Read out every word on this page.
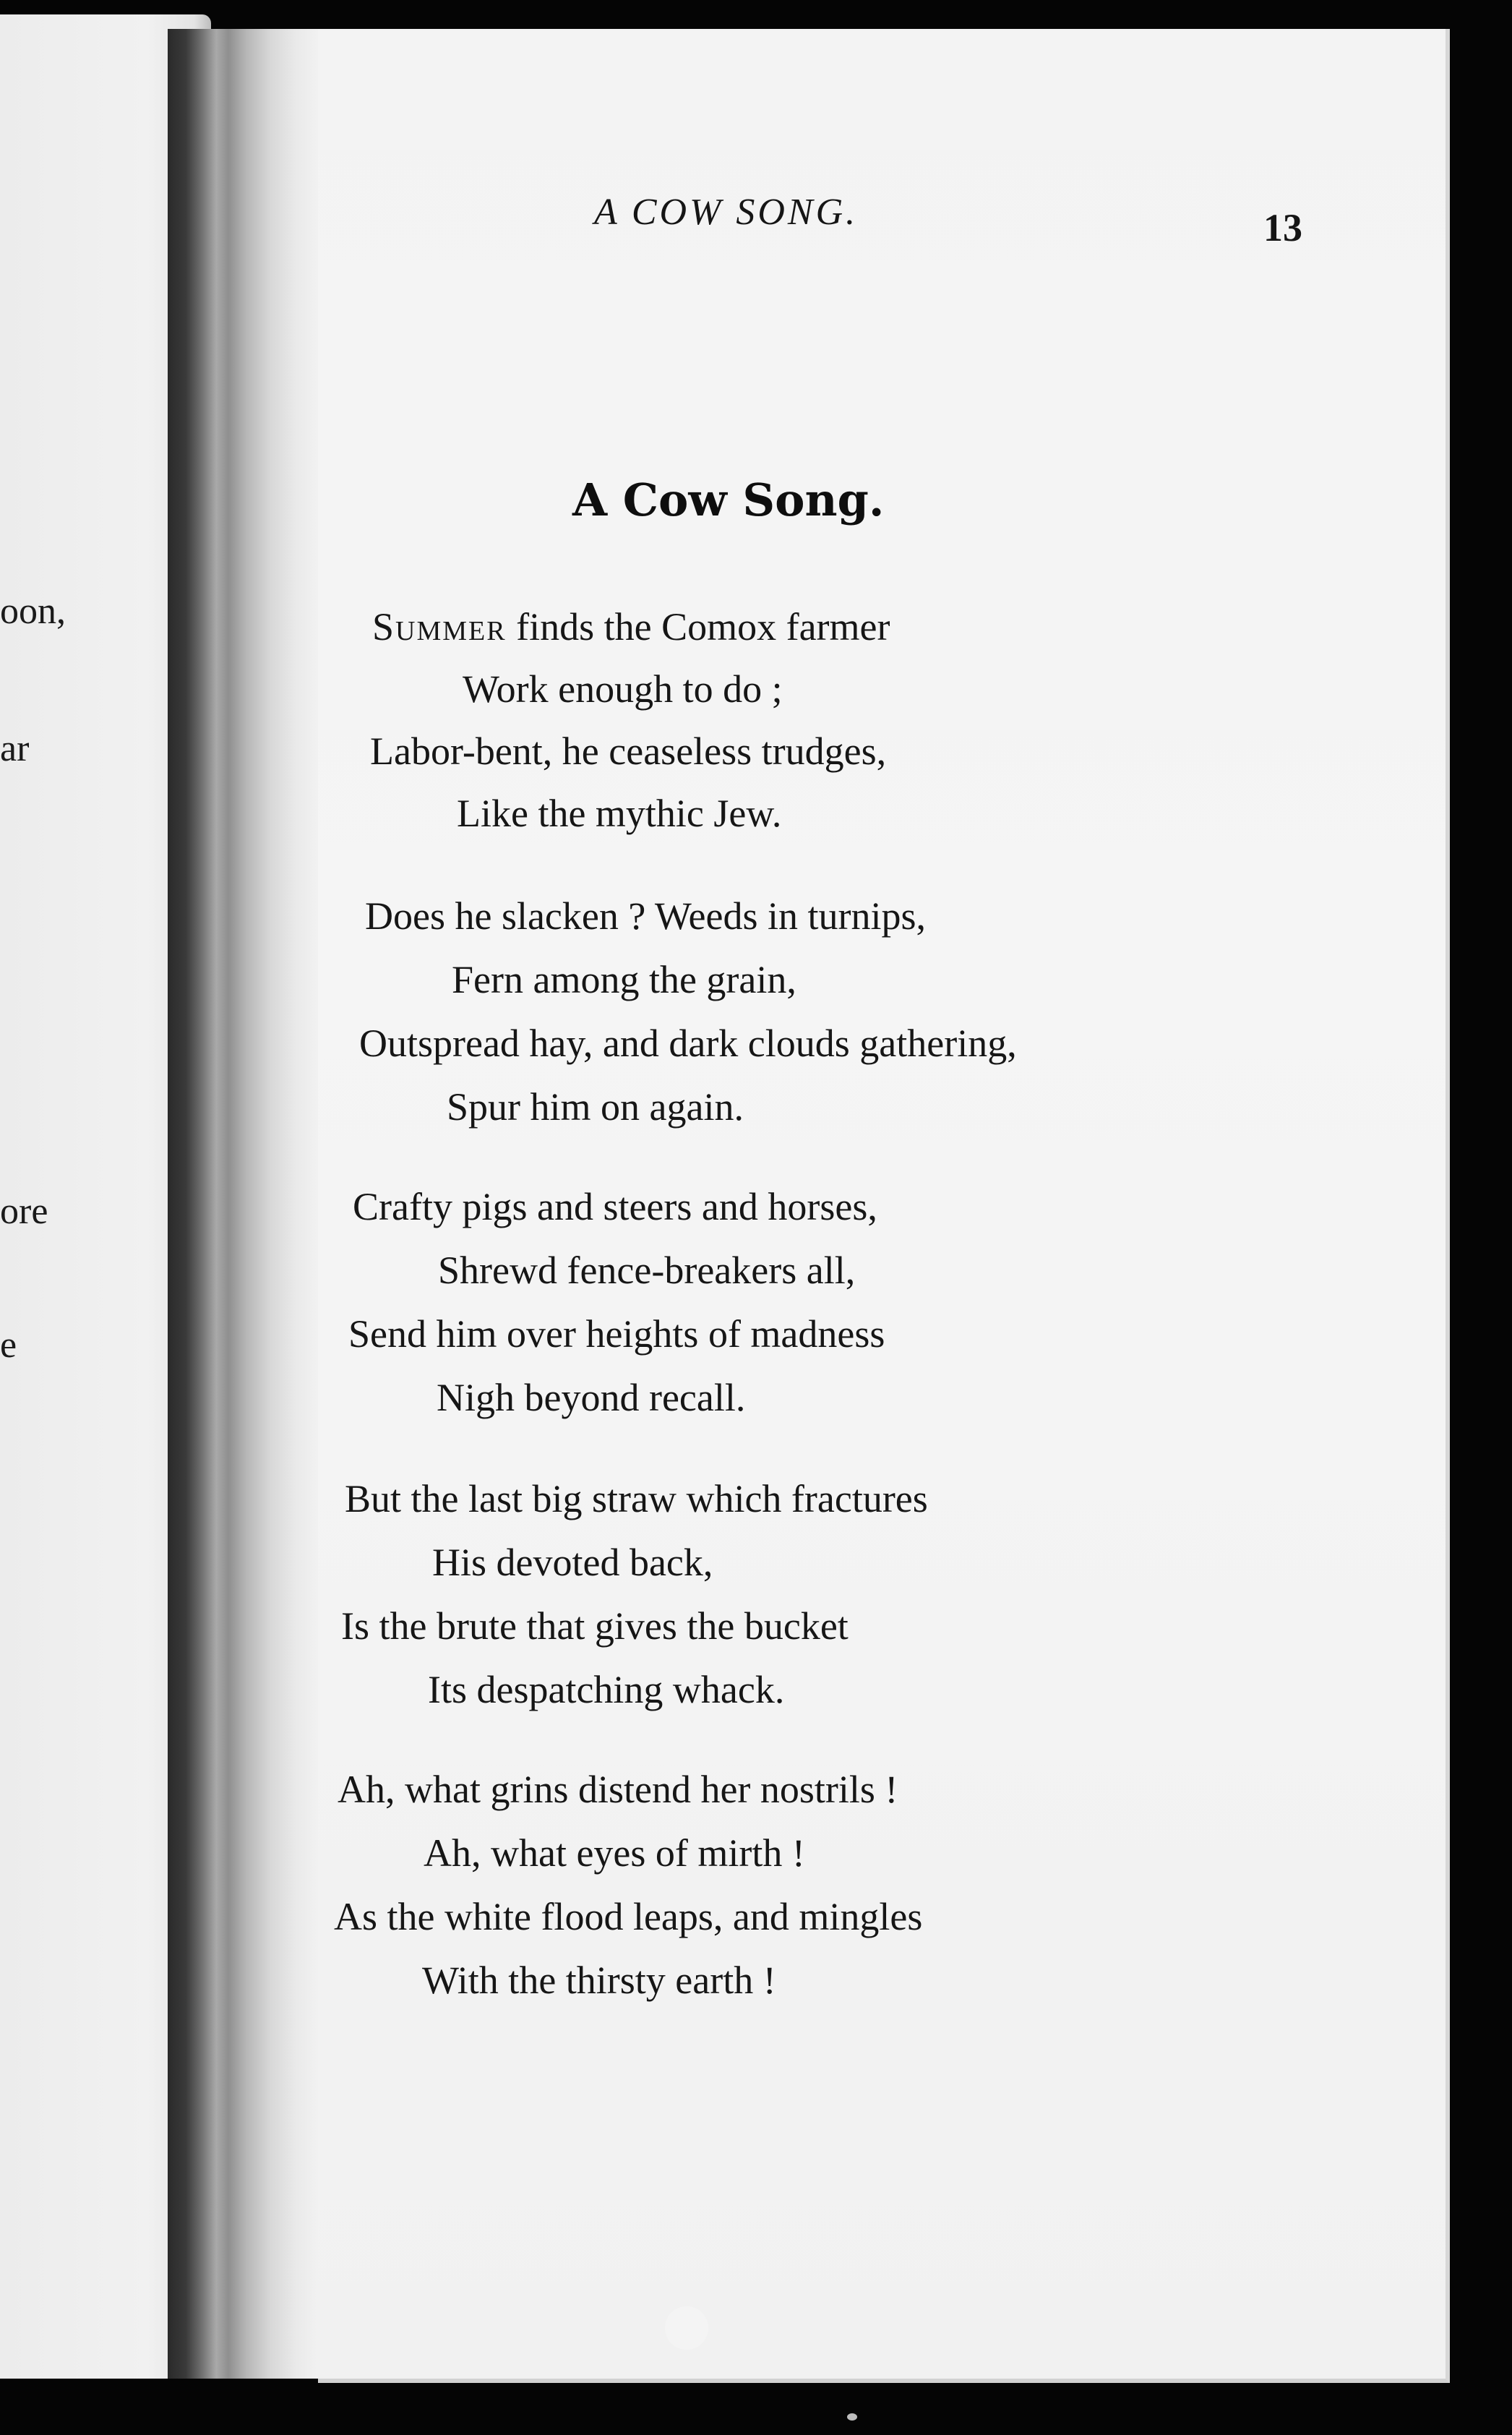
oon,
ar
ore
e
A COW SONG.	13
A Cow Song.
Summer finds the Comox farmer
Work enough to do ;
Labor-bent, he ceaseless trudges,
Like the mythic Jew.
Does he slacken ? Weeds in turnips,
Fern among the grain,
Outspread hay, and dark clouds gathering,
Spur him on again.
Crafty pigs and steers and horses,
Shrewd fence-breakers all,
Send him over heights of madness
Nigh beyond recall.
But the last big straw which fractures
His devoted back,
Is the brute that gives the bucket
Its despatching whack.
Ah, what grins distend her nostrils !
Ah, what eyes of mirth !
As the white flood leaps, and mingles
With the thirsty earth !
